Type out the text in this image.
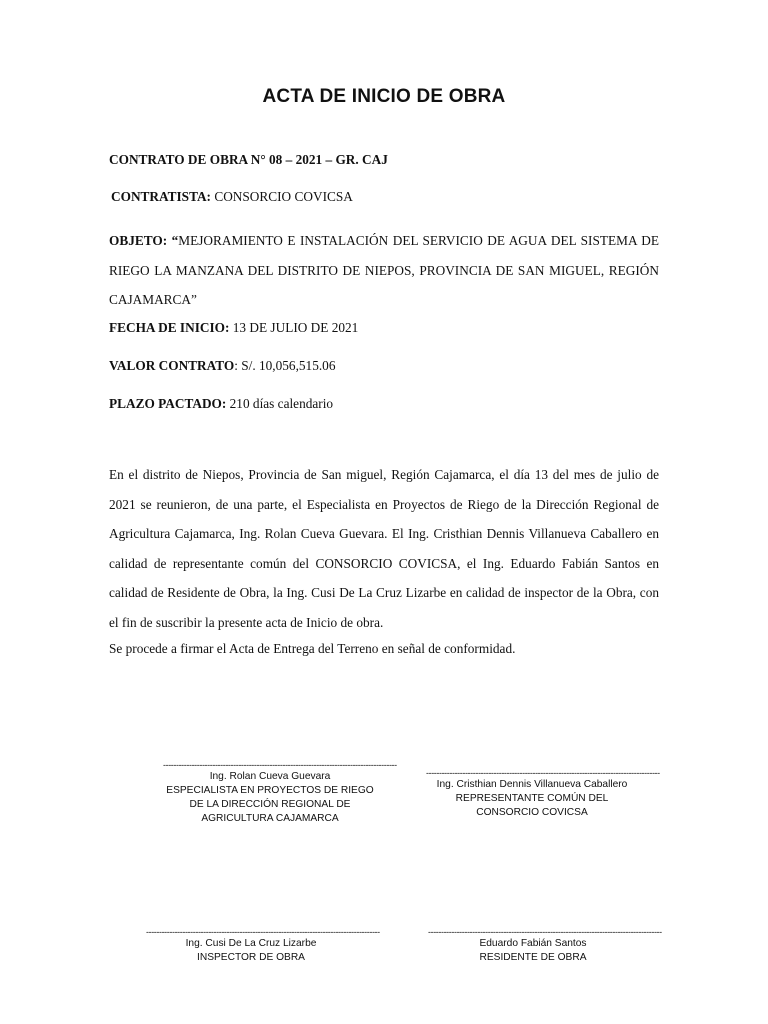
ACTA DE INICIO DE OBRA
CONTRATO DE OBRA N° 08 – 2021 – GR. CAJ
CONTRATISTA: CONSORCIO COVICSA
OBJETO: “MEJORAMIENTO E INSTALACIÓN DEL SERVICIO DE AGUA DEL SISTEMA DE RIEGO LA MANZANA DEL DISTRITO DE NIEPOS, PROVINCIA DE SAN MIGUEL, REGIÓN CAJAMARCA”
FECHA DE INICIO: 13 DE JULIO DE 2021
VALOR CONTRATO: S/. 10,056,515.06
PLAZO PACTADO: 210 días calendario
En el distrito de Niepos, Provincia de San miguel, Región Cajamarca, el día 13 del mes de julio de 2021 se reunieron, de una parte, el Especialista en Proyectos de Riego de la Dirección Regional de Agricultura Cajamarca, Ing. Rolan Cueva Guevara. El Ing. Cristhian Dennis Villanueva Caballero en calidad de representante común del CONSORCIO COVICSA, el Ing. Eduardo Fabián Santos en calidad de Residente de Obra, la Ing. Cusi De La Cruz Lizarbe en calidad de inspector de la Obra, con el fin de suscribir la presente acta de Inicio de obra.
Se procede a firmar el Acta de Entrega del Terreno en señal de conformidad.
------------------------------------------------------------------------------------------
Ing. Rolan Cueva Guevara
ESPECIALISTA EN PROYECTOS DE RIEGO DE LA DIRECCIÓN REGIONAL DE AGRICULTURA CAJAMARCA
------------------------------------------------------------------------------------------
Ing. Cristhian Dennis Villanueva Caballero
REPRESENTANTE COMÚN DEL CONSORCIO COVICSA
------------------------------------------------------------------------------------------
Ing. Cusi De La Cruz Lizarbe
INSPECTOR DE OBRA
------------------------------------------------------------------------------------------
Eduardo Fabián Santos
RESIDENTE DE OBRA
